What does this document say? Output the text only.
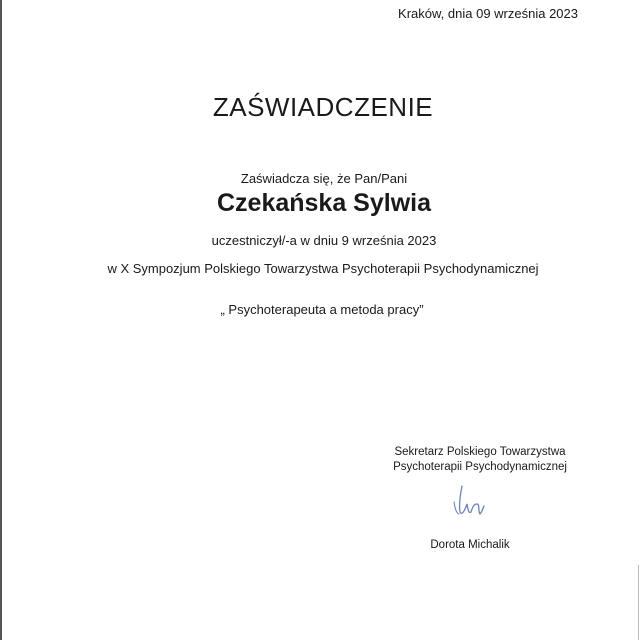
Kraków, dnia 09 września 2023
ZAŚWIADCZENIE
Zaświadcza się, że Pan/Pani
Czekańska Sylwia
uczestniczył/-a w dniu 9 września 2023
w X Sympozjum Polskiego Towarzystwa Psychoterapii Psychodynamicznej
„ Psychoterapeuta a metoda pracy”
Sekretarz Polskiego Towarzystwa
Psychoterapii Psychodynamicznej
Dorota Michalik
